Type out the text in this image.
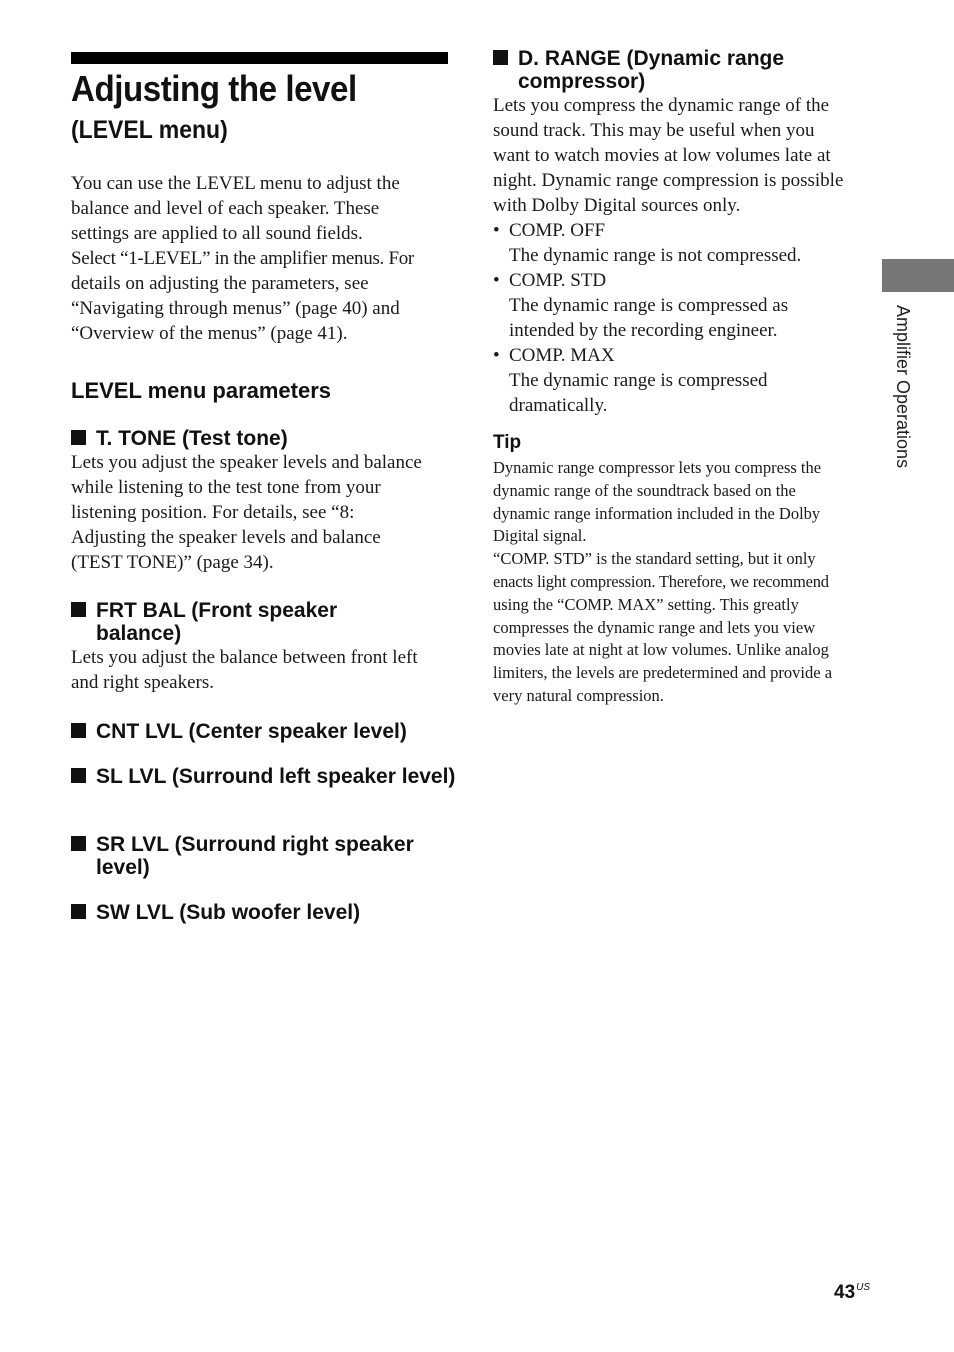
Adjusting the level
(LEVEL menu)
You can use the LEVEL menu to adjust the
balance and level of each speaker. These
settings are applied to all sound fields.
Select “1-LEVEL” in the amplifier menus. For
details on adjusting the parameters, see
“Navigating through menus” (page 40) and
“Overview of the menus” (page 41).
LEVEL menu parameters
T. TONE (Test tone)
Lets you adjust the speaker levels and balance
while listening to the test tone from your
listening position. For details, see “8:
Adjusting the speaker levels and balance
(TEST TONE)” (page 34).
FRT BAL (Front speaker balance)
Lets you adjust the balance between front left
and right speakers.
CNT LVL (Center speaker level)
SL LVL (Surround left speaker level)
SR LVL (Surround right speaker level)
SW LVL (Sub woofer level)
D. RANGE (Dynamic range compressor)
Lets you compress the dynamic range of the
sound track. This may be useful when you
want to watch movies at low volumes late at
night. Dynamic range compression is possible
with Dolby Digital sources only.
• COMP. OFF
The dynamic range is not compressed.
• COMP. STD
The dynamic range is compressed as
intended by the recording engineer.
• COMP. MAX
The dynamic range is compressed
dramatically.
Tip
Dynamic range compressor lets you compress the
dynamic range of the soundtrack based on the
dynamic range information included in the Dolby
Digital signal.
“COMP. STD” is the standard setting, but it only
enacts light compression. Therefore, we recommend
using the “COMP. MAX” setting. This greatly
compresses the dynamic range and lets you view
movies late at night at low volumes. Unlike analog
limiters, the levels are predetermined and provide a
very natural compression.
Amplifier Operations
$43^{US}$
